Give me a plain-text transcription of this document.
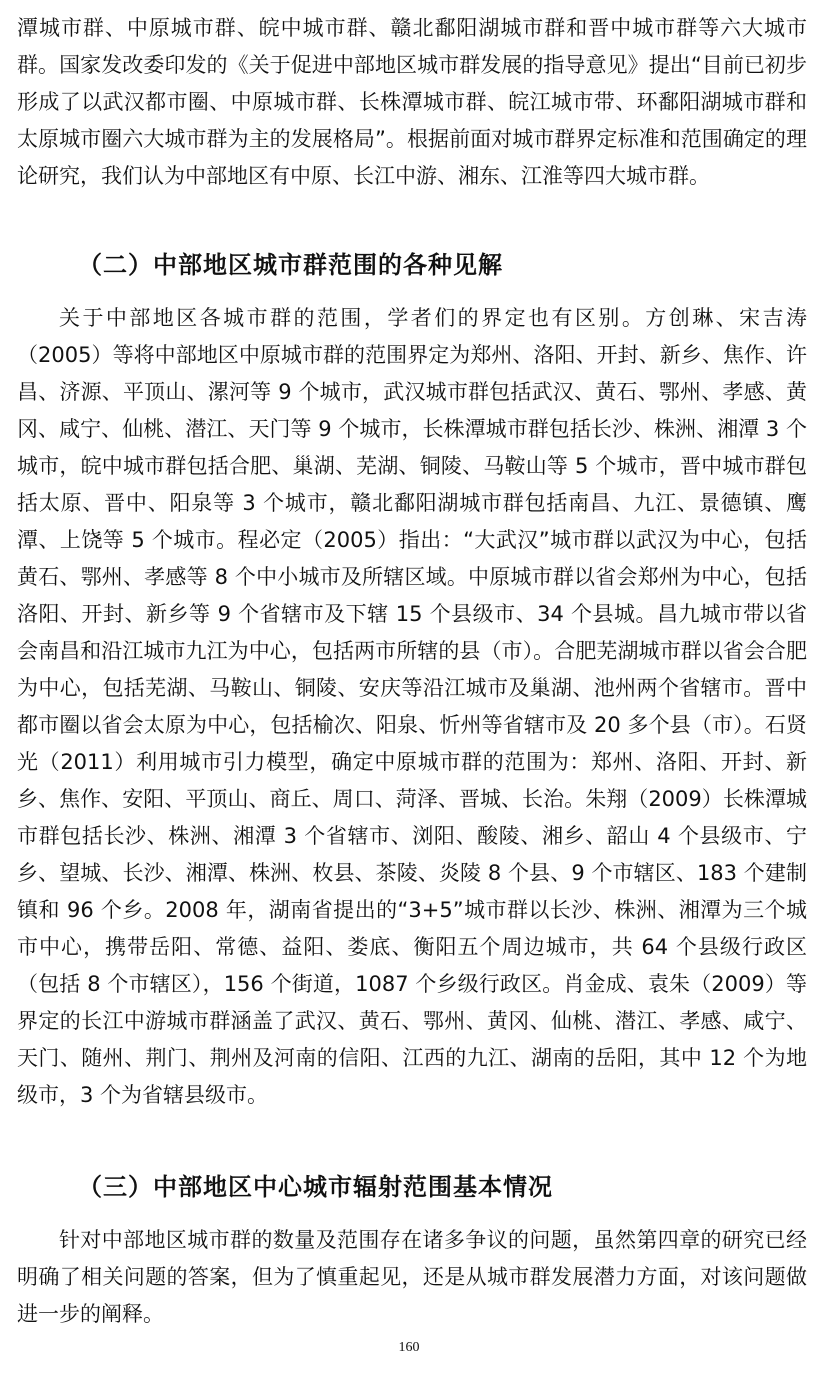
潭城市群、中原城市群、皖中城市群、赣北鄱阳湖城市群和晋中城市群等六大城市群。国家发改委印发的《关于促进中部地区城市群发展的指导意见》提出“目前已初步形成了以武汉都市圈、中原城市群、长株潭城市群、皖江城市带、环鄱阳湖城市群和太原城市圈六大城市群为主的发展格局”。根据前面对城市群界定标准和范围确定的理论研究，我们认为中部地区有中原、长江中游、湘东、江淮等四大城市群。

（二）中部地区城市群范围的各种见解

关于中部地区各城市群的范围，学者们的界定也有区别。方创琳、宋吉涛（2005）等将中部地区中原城市群的范围界定为郑州、洛阳、开封、新乡、焦作、许昌、济源、平顶山、漯河等 9 个城市，武汉城市群包括武汉、黄石、鄂州、孝感、黄冈、咸宁、仙桃、潜江、天门等 9 个城市，长株潭城市群包括长沙、株洲、湘潭 3 个城市，皖中城市群包括合肥、巢湖、芜湖、铜陵、马鞍山等 5 个城市，晋中城市群包括太原、晋中、阳泉等 3 个城市，赣北鄱阳湖城市群包括南昌、九江、景德镇、鹰潭、上饶等 5 个城市。程必定（2005）指出：“大武汉”城市群以武汉为中心，包括黄石、鄂州、孝感等 8 个中小城市及所辖区域。中原城市群以省会郑州为中心，包括洛阳、开封、新乡等 9 个省辖市及下辖 15 个县级市、34 个县城。昌九城市带以省会南昌和沿江城市九江为中心，包括两市所辖的县（市）。合肥芜湖城市群以省会合肥为中心，包括芜湖、马鞍山、铜陵、安庆等沿江城市及巢湖、池州两个省辖市。晋中都市圈以省会太原为中心，包括榆次、阳泉、忻州等省辖市及 20 多个县（市）。石贤光（2011）利用城市引力模型，确定中原城市群的范围为：郑州、洛阳、开封、新乡、焦作、安阳、平顶山、商丘、周口、菏泽、晋城、长治。朱翔（2009）长株潭城市群包括长沙、株洲、湘潭 3 个省辖市、浏阳、酸陵、湘乡、韶山 4 个县级市、宁乡、望城、长沙、湘潭、株洲、枚县、茶陵、炎陵 8 个县、9 个市辖区、183 个建制镇和 96 个乡。2008 年，湖南省提出的“3+5”城市群以长沙、株洲、湘潭为三个城市中心，携带岳阳、常德、益阳、娄底、衡阳五个周边城市，共 64 个县级行政区（包括 8 个市辖区），156 个街道，1087 个乡级行政区。肖金成、袁朱（2009）等界定的长江中游城市群涵盖了武汉、黄石、鄂州、黄冈、仙桃、潜江、孝感、咸宁、天门、随州、荆门、荆州及河南的信阳、江西的九江、湖南的岳阳，其中 12 个为地级市，3 个为省辖县级市。

（三）中部地区中心城市辐射范围基本情况

针对中部地区城市群的数量及范围存在诸多争议的问题，虽然第四章的研究已经明确了相关问题的答案，但为了慎重起见，还是从城市群发展潜力方面，对该问题做进一步的阐释。

160
